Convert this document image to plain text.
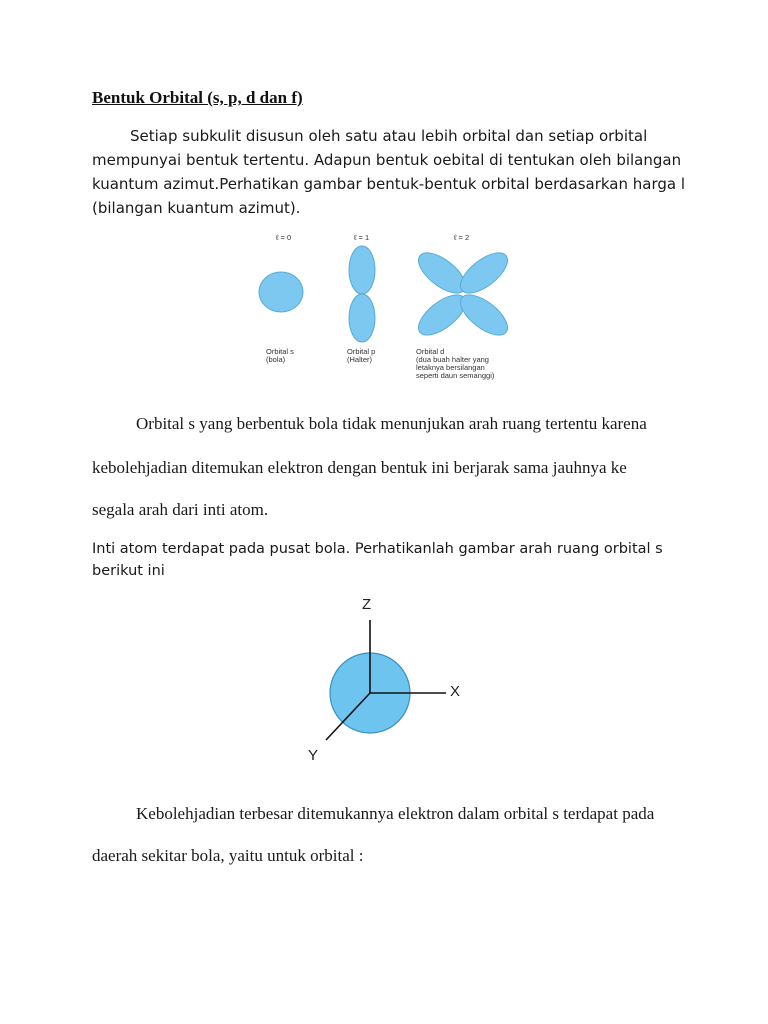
Bentuk Orbital (s, p, d dan f)
Setiap subkulit disusun oleh satu atau lebih orbital dan setiap orbital mempunyai bentuk tertentu. Adapun bentuk oebital di tentukan oleh bilangan kuantum azimut.Perhatikan gambar bentuk-bentuk orbital berdasarkan harga l (bilangan kuantum azimut).
ℓ = 0	ℓ = 1	ℓ = 2
Orbital s
(bola)
Orbital p
(Halter)
Orbital d
(dua buah halter yang
letaknya bersilangan
seperti daun semanggi)
Orbital s yang berbentuk bola tidak menunjukan arah ruang tertentu karena
kebolehjadian ditemukan elektron dengan bentuk ini berjarak sama jauhnya ke
segala arah dari inti atom.
Inti atom terdapat pada pusat bola. Perhatikanlah gambar arah ruang orbital s berikut ini
Z
X
Y
Kebolehjadian terbesar ditemukannya elektron dalam orbital s terdapat pada
daerah sekitar bola, yaitu untuk orbital :
